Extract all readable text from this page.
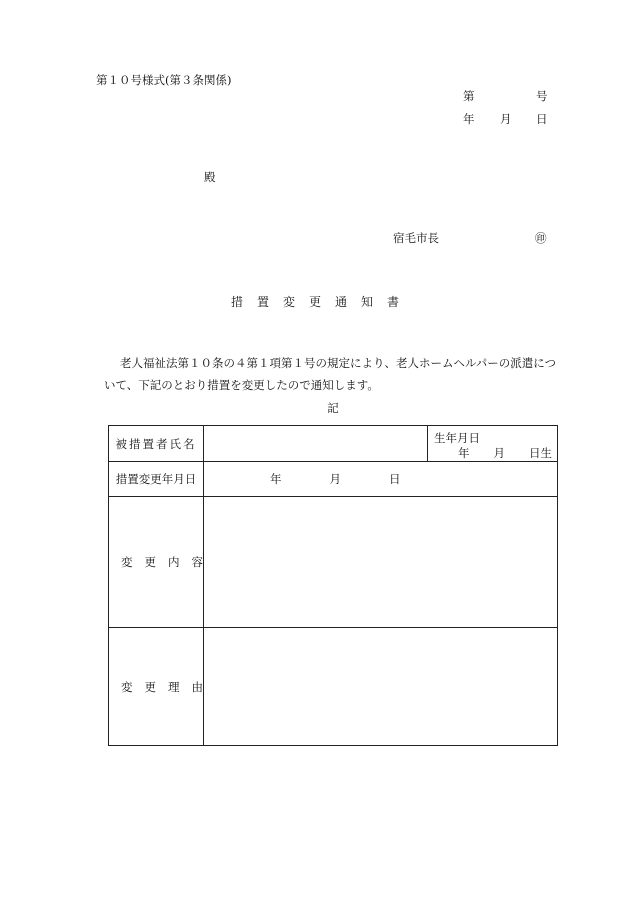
第１０号様式(第３条関係)
第	号
年 月 日
殿
宿毛市長	㊞
措置変更通知書
老人福祉法第１０条の４第１項第１号の規定により、老人ホームヘルパーの派遣について、下記のとおり措置を変更したので通知します。
記
被措置者氏名		生年月日
年 月 日生

措置変更年月日	年 月 日	
変更内容		
変更理由		
